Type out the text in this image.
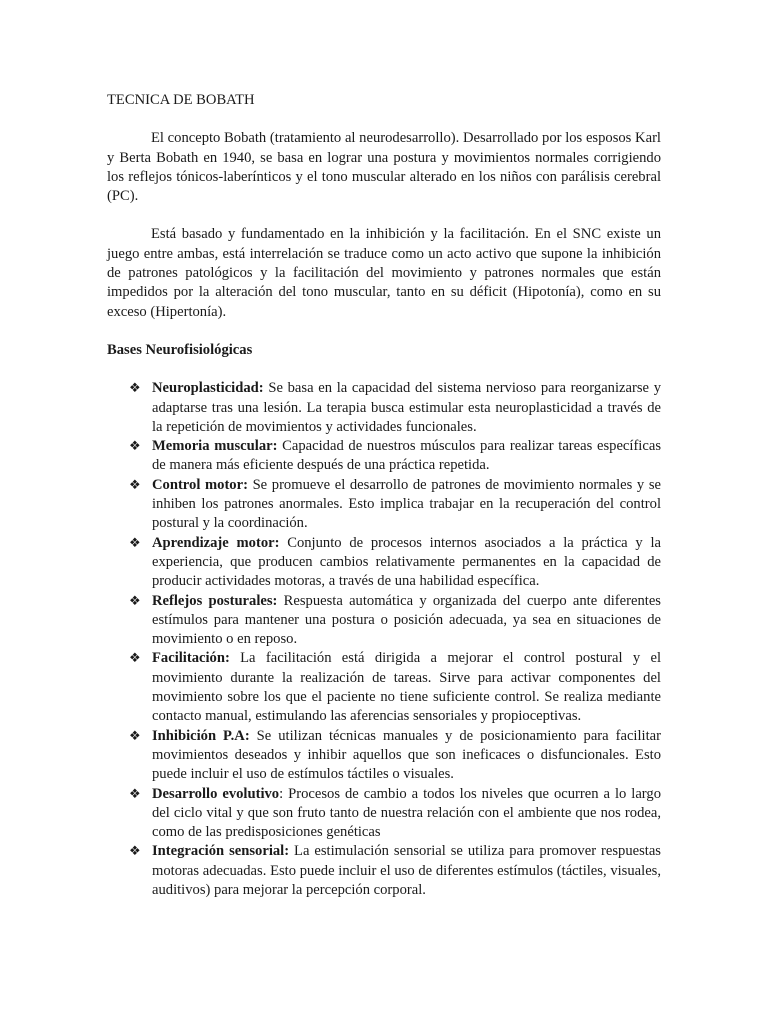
TECNICA DE BOBATH

El concepto Bobath (tratamiento al neurodesarrollo). Desarrollado por los esposos Karl y Berta Bobath en 1940, se basa en lograr una postura y movimientos normales corrigiendo los reflejos tónicos-laberínticos y el tono muscular alterado en los niños con parálisis cerebral (PC).

Está basado y fundamentado en la inhibición y la facilitación. En el SNC existe un juego entre ambas, está interrelación se traduce como un acto activo que supone la inhibición de patrones patológicos y la facilitación del movimiento y patrones normales que están impedidos por la alteración del tono muscular, tanto en su déficit (Hipotonía), como en su exceso (Hipertonía).

Bases Neurofisiológicas

❖ Neuroplasticidad: Se basa en la capacidad del sistema nervioso para reorganizarse y adaptarse tras una lesión. La terapia busca estimular esta neuroplasticidad a través de la repetición de movimientos y actividades funcionales.
❖ Memoria muscular: Capacidad de nuestros músculos para realizar tareas específicas de manera más eficiente después de una práctica repetida.
❖ Control motor: Se promueve el desarrollo de patrones de movimiento normales y se inhiben los patrones anormales. Esto implica trabajar en la recuperación del control postural y la coordinación.
❖ Aprendizaje motor: Conjunto de procesos internos asociados a la práctica y la experiencia, que producen cambios relativamente permanentes en la capacidad de producir actividades motoras, a través de una habilidad específica.
❖ Reflejos posturales: Respuesta automática y organizada del cuerpo ante diferentes estímulos para mantener una postura o posición adecuada, ya sea en situaciones de movimiento o en reposo.
❖ Facilitación: La facilitación está dirigida a mejorar el control postural y el movimiento durante la realización de tareas. Sirve para activar componentes del movimiento sobre los que el paciente no tiene suficiente control. Se realiza mediante contacto manual, estimulando las aferencias sensoriales y propioceptivas.
❖ Inhibición P.A: Se utilizan técnicas manuales y de posicionamiento para facilitar movimientos deseados y inhibir aquellos que son ineficaces o disfuncionales. Esto puede incluir el uso de estímulos táctiles o visuales.
❖ Desarrollo evolutivo: Procesos de cambio a todos los niveles que ocurren a lo largo del ciclo vital y que son fruto tanto de nuestra relación con el ambiente que nos rodea, como de las predisposiciones genéticas
❖ Integración sensorial: La estimulación sensorial se utiliza para promover respuestas motoras adecuadas. Esto puede incluir el uso de diferentes estímulos (táctiles, visuales, auditivos) para mejorar la percepción corporal.
